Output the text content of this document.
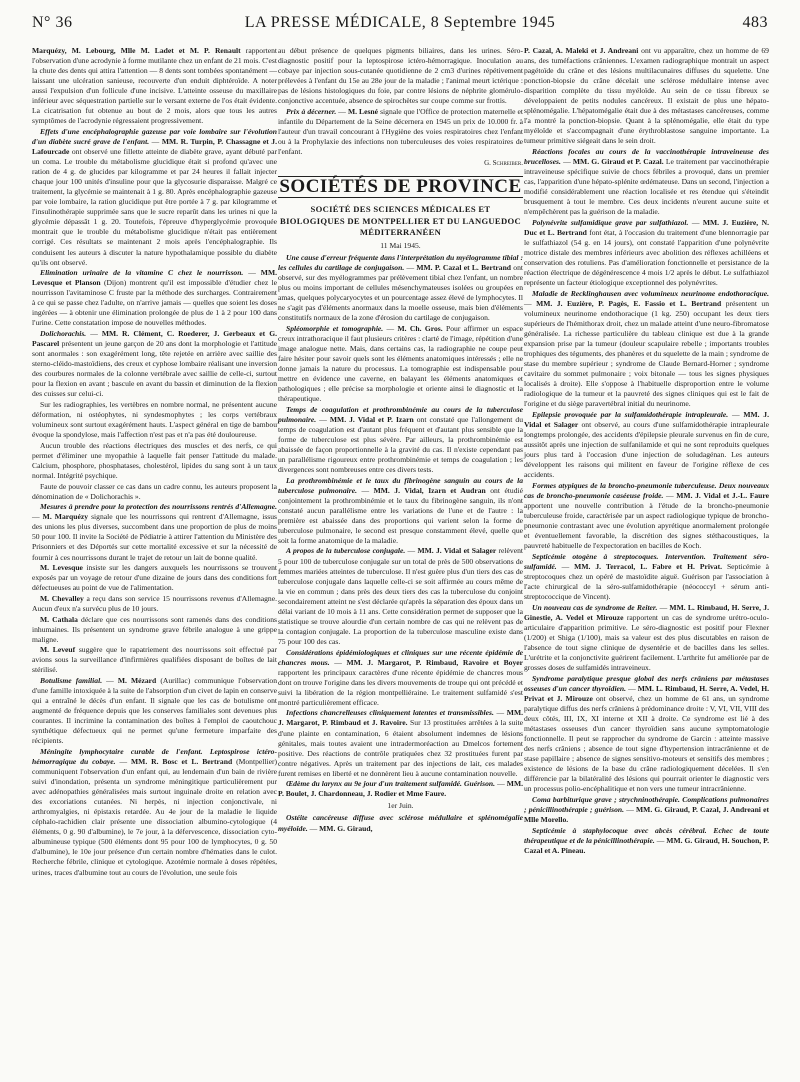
N° 36	LA PRESSE MÉDICALE, 8 Septembre 1945	483

Marquézy, M. Lebourg, Mlle M. Ladet et M. P. Renault rapportent l'observation d'une acrodynie à forme mutilante chez un enfant de 21 mois. C'est la chute des dents qui attira l'attention — 8 dents sont tombées spontanément — laissant une ulcération sanieuse, recouverte d'un enduit diphtéroïde. A noter aussi l'expulsion d'un follicule d'une incisive. L'atteinte osseuse du maxillaire inférieur avec séquestration partielle sur le versant externe de l'os était évidente. La cicatrisation fut obtenue au bout de 2 mois, alors que tous les autres symptômes de l'acrodynie régressaient progressivement.

Effets d'une encéphalographie gazeuse par voie lombaire sur l'évolution d'un diabète sucré grave de l'enfant. — MM. R. Turpin, P. Chassagne et J. Lafourcade ont observé une fillette atteinte de diabète grave, ayant débuté par un coma. Le trouble du métabolisme glucidique était si profond qu'avec une ration de 4 g. de glucides par kilogramme et par 24 heures il fallait injecter chaque jour 100 unités d'insuline pour que la glycosurie disparaisse. Malgré ce traitement, la glycémie se maintenait à 1 g. 80. Après encéphalographie gazeuse par voie lombaire, la ration glucidique put être portée à 7 g. par kilogramme et l'insulinothérapie supprimée sans que le sucre reparût dans les urines ni que la glycémie dépassât 1 g. 20. Toutefois, l'épreuve d'hyperglycémie provoquée montrait que le trouble du métabolisme glucidique n'était pas entièrement corrigé. Ces résultats se maintenant 2 mois après l'encéphalographie. Ils conduisent les auteurs à discuter la nature hypothalamique possible du diabète qu'ils ont observé.

Elimination urinaire de la vitamine C chez le nourrisson. — MM. Levesque et Planson (Dijon) montrent qu'il est impossible d'étudier chez le nourrisson l'avitaminose C fruste par la méthode des surcharges. Contrairement à ce qui se passe chez l'adulte, on n'arrive jamais — quelles que soient les doses ingérées — à obtenir une élimination prolongée de plus de 1 à 2 pour 100 dans l'urine. Cette constatation impose de nouvelles méthodes.

Dolichorachis. — MM. R. Clément, C. Roederer, J. Gerbeaux et G. Pascarel présentent un jeune garçon de 20 ans dont la morphologie et l'attitude sont anormales : son exagérément long, tête rejetée en arrière avec saillie des sterno-cléido-mastoïdiens, des creux et cyphose lombaire réalisant une inversion des courbures normales de la colonne vertébrale avec saillie de celle-ci, surtout pour la flexion en avant ; bascule en avant du bassin et diminution de la flexion des cuisses sur celui-ci.

Sur les radiographies, les vertèbres en nombre normal, ne présentent aucune déformation, ni ostéophytes, ni syndesmophytes ; les corps vertébraux volumineux sont surtout exagérément hauts. L'aspect général en tige de bambou évoque la spondylose, mais l'affection n'est pas et n'a pas été douloureuse.

Aucun trouble des réactions électriques des muscles et des nerfs, ce qui permet d'éliminer une myopathie à laquelle fait penser l'attitude du malade. Calcium, phosphore, phosphatases, cholestérol, lipides du sang sont à un taux normal. Intégrité psychique.

Faute de pouvoir classer ce cas dans un cadre connu, les auteurs proposent la dénomination de « Dolichorachis ».

Mesures à prendre pour la protection des nourrissons rentrés d'Allemagne. — M. Marquézy signale que les nourrissons qui rentrent d'Allemagne, issus des unions les plus diverses, succombent dans une proportion de plus de moins 50 pour 100. Il invite la Société de Pédiatrie à attirer l'attention du Ministère des Prisonniers et des Déportés sur cette mortalité excessive et sur la nécessité de fournir à ces nourrissons durant le trajet de retour un lait de bonne qualité.

M. Levesque insiste sur les dangers auxquels les nourrissons se trouvent exposés par un voyage de retour d'une dizaine de jours dans des conditions fort défectueuses au point de vue de l'alimentation.

M. Chevalley a reçu dans son service 15 nourrissons revenus d'Allemagne. Aucun d'eux n'a survécu plus de 10 jours.

M. Cathala déclare que ces nourrissons sont ramenés dans des conditions inhumaines. Ils présentent un syndrome grave fébrile analogue à une grippe maligne.

M. Leveuf suggère que le rapatriement des nourrissons soit effectué par avions sous la surveillance d'infirmières qualifiées disposant de boîtes de lait stérilisé.

Botulisme familial. — M. Mézard (Aurillac) communique l'observation d'une famille intoxiquée à la suite de l'absorption d'un civet de lapin en conserve qui a entraîné le décès d'un enfant. Il signale que les cas de botulisme ont augmenté de fréquence depuis que les conserves familiales sont devenues plus courantes. Il incrimine la contamination des boîtes à l'emploi de caoutchouc synthétique défectueux qui ne permet qu'une fermeture imparfaite des récipients.

Méningite lymphocytaire curable de l'enfant. Leptospirose ictéro-hémorragique du cobaye. — MM. R. Bosc et L. Bertrand (Montpellier) communiquent l'observation d'un enfant qui, au lendemain d'un bain de rivière suivi d'inondation, présenta un syndrome méningitique particulièrement pur avec adénopathies généralisées mais surtout inguinale droite en relation avec des excoriations cutanées. Ni herpès, ni injection conjonctivale, ni arthromyalgies, ni épistaxis retardée. Au 4e jour de la maladie le liquide céphalo-rachidien clair présente une dissociation albumino-cytologique (4 éléments, 0 g. 90 d'albumine), le 7e jour, à la défervescence, dissociation cyto-albumineuse typique (500 éléments dont 95 pour 100 de lymphocytes, 0 g. 50 d'albumine), le 10e jour présence d'un certain nombre d'hématies dans le culot. Recherche fébrile, clinique et cytologique. Azotémie normale à doses répétées, urines, traces d'albumine tout au cours de l'évolution, une seule fois

au début présence de quelques pigments biliaires, dans les urines. Séro-diagnostic positif pour la leptospirose ictéro-hémorragique. Inoculation au cobaye par injection sous-cutanée quotidienne de 2 cm3 d'urines répétivement prélevées à l'enfant du 15e au 28e jour de la maladie ; l'animal meurt ictérique : pas de lésions histologiques du foie, par contre lésions de néphrite glomérulo-conjonctive accentuée, absence de spirochètes sur coupe comme sur frottis.

Prix à décerner. — M. Lesné signale que l'Office de protection maternelle et infantile du Département de la Seine décernera en 1945 un prix de 10.000 fr. à l'auteur d'un travail concourant à l'Hygiène des voies respiratoires chez l'enfant ou à la Prophylaxie des infections non tuberculeuses des voies respiratoires de l'enfant.

G. Schreiber.
SOCIÉTÉS DE PROVINCE
SOCIÉTÉ DES SCIENCES MÉDICALES ET BIOLOGIQUES DE MONTPELLIER ET DU LANGUEDOC MÉDITERRANÉEN
11 Mai 1945.

Une cause d'erreur fréquente dans l'interprétation du myélogramme tibial : les cellules du cartilage de conjugaison. — MM. P. Cazal et L. Bertrand ont observé, sur des myélogrammes par prélèvement tibial chez l'enfant, un nombre plus ou moins important de cellules mésenchymateuses isolées ou groupées en amas, quelques polycaryocytes et un pourcentage assez élevé de lymphocytes. Il ne s'agit pas d'éléments anormaux dans la moelle osseuse, mais bien d'éléments constitutifs normaux de la zone d'érosion du cartilage de conjugaison.

Spléomorphie et tomographie. — M. Ch. Gros. Pour affirmer un espace creux intrathoracique il faut plusieurs critères : clarté de l'image, répétition d'une image analogue nette. Mais, dans certains cas, la radiographie ne coupe peut faire hésiter pour savoir quels sont les éléments anatomiques intéressés ; elle ne donne jamais la nature du processus. La tomographie est indispensable pour mettre en évidence une caverne, en balayant les éléments anatomiques et pathologiques ; elle précise sa morphologie et oriente ainsi le diagnostic et la thérapeutique.

Temps de coagulation et prothrombinémie au cours de la tuberculose pulmonaire. — MM. J. Vidal et P. Izarn ont constaté que l'allongement du temps de coagulation est d'autant plus fréquent et d'autant plus sensible que la forme de tuberculose est plus sévère. Par ailleurs, la prothrombinémie est abaissée de façon proportionnelle à la gravité du cas. Il n'existe cependant pas un parallélisme rigoureux entre prothrombinémie et temps de coagulation ; les divergences sont nombreuses entre ces divers tests.

La prothrombinémie et le taux du fibrinogène sanguin au cours de la tuberculose pulmonaire. — MM. J. Vidal, Izarn et Audran ont étudié conjointement la prothrombinémie et le taux du fibrinogène sanguin, ils n'ont constaté aucun parallélisme entre les variations de l'une et de l'autre : la première est abaissée dans des proportions qui varient selon la forme de tuberculose pulmonaire, le second est presque constamment élevé, quelle que soit la forme anatomique de la maladie.

A propos de la tuberculose conjugale. — MM. J. Vidal et Salager relèvent 5 pour 100 de tuberculose conjugale sur un total de près de 500 observations de femmes mariées atteintes de tuberculose. Il n'est guère plus d'un tiers des cas de tuberculose conjugale dans laquelle celle-ci se soit affirmée au cours même de la vie en commun ; dans près des deux tiers des cas la tuberculose du conjoint secondairement atteint ne s'est déclarée qu'après la séparation des époux dans un délai variant de 10 mois à 11 ans. Cette considération permet de supposer que la statistique se trouve alourdie d'un certain nombre de cas qui ne relèvent pas de la contagion conjugale. La proportion de la tuberculose masculine existe dans 75 pour 100 des cas.

Considérations épidémiologiques et cliniques sur une récente épidémie de chancres mous. — MM. J. Margarot, P. Rimbaud, Ravoire et Boyer rapportent les principaux caractères d'une récente épidémie de chancres mous dont on trouve l'origine dans les divers mouvements de troupe qui ont précédé et suivi la libération de la région montpelliéraine. Le traitement sulfamidé s'est montré particulièrement efficace.

Infections chancrelleuses cliniquement latentes et transmissibles. — MM. J. Margarot, P. Rimbaud et J. Ravoire. Sur 13 prostituées arrêtées à la suite d'une plainte en contamination, 6 étaient absolument indemnes de lésions génitales, mais toutes avaient une intradermoréaction au Dmelcos fortement positive. Des réactions de contrôle pratiquées chez 32 prostituées furent par contre négatives. Après un traitement par des injections de lait, ces malades furent remises en liberté et ne donnèrent lieu à aucune contamination nouvelle.

Œdème du larynx au 9e jour d'un traitement sulfamidé. Guérison. — MM. P. Boulet, J. Chardonneau, J. Rodier et Mme Faure.

1er Juin.

Ostéite cancéreuse diffuse avec sclérose médullaire et splénomégalie myéloïde. — MM. G. Giraud,

P. Cazal, A. Maleki et J. Andreani ont vu apparaître, chez un homme de 69 ans, des tuméfactions crâniennes. L'examen radiographique montrait un aspect pagétoïde du crâne et des lésions multilacunaires diffuses du squelette. Une ponction-biopsie du crâne décelait une sclérose médullaire intense avec disparition complète du tissu myéloïde. Au sein de ce tissu fibreux se développaient de petits nodules cancéreux. Il existait de plus une hépato-splénomégalie. L'hépatomégalie était due à des métastases cancéreuses, comme l'a montré la ponction-biopsie. Quant à la splénomégalie, elle était du type myéloïde et s'accompagnait d'une érythroblastose sanguine importante. La tumeur primitive siégeait dans le sein droit.

Réactions focales au cours de la vaccinothérapie intraveineuse des brucelloses. — MM. G. Giraud et P. Cazal. Le traitement par vaccinothérapie intraveineuse spécifique suivie de chocs fébriles a provoqué, dans un premier cas, l'apparition d'une hépato-splénite œdémateuse. Dans un second, l'injection a modifié considérablement une réaction localisée et res étendue qui s'éteindit brusquement à tout le membre. Ces deux incidents n'eurent aucune suite et n'empêchèrent pas la guérison de la maladie.

Polynévrite sulfamidique grave par sulfathiazol. — MM. J. Euzière, N. Duc et L. Bertrand font état, à l'occasion du traitement d'une blennorragie par le sulfathiazol (54 g. en 14 jours), ont constaté l'apparition d'une polynévrite motrice distale des membres inférieurs avec abolition des réflexes achilléens et conservation des rotuliens. Pas d'amélioration fonctionnelle et persistance de la réaction électrique de dégénérescence 4 mois 1/2 après le début. Le sulfathiazol représente un facteur étiologique exceptionnel des polynévrites.

Maladie de Recklinghausen avec volumineux neurinome endothoracique. — MM. J. Euzière, P. Pagès, E. Fassio et L. Bertrand présentent un volumineux neurinome endothoracique (1 kg. 250) occupant les deux tiers supérieurs de l'hémithorax droit, chez un malade atteint d'une neuro-fibromatose généralisée. La richesse particulière du tableau clinique est due à la grande expansion prise par la tumeur (douleur scapulaire rebelle ; importants troubles trophiques des téguments, des phanères et du squelette de la main ; syndrome de stase du membre supérieur ; syndrome de Claude Bernard-Horner ; syndrome cavitaire du sommet pulmonaire ; voix bitonale — tous les signes physiques localisés à droite). Elle s'oppose à l'habituelle disproportion entre le volume radiologique de la tumeur et la pauvreté des signes cliniques qui est le fait de l'origine et du siège paravertébral initial du neurinome.

Epilepsie provoquée par la sulfamidothérapie intrapleurale. — MM. J. Vidal et Salager ont observé, au cours d'une sulfamidothérapie intrapleurale longtemps prolongée, des accidents d'épilepsie pleurale survenus en fin de cure, aussitôt après une injection de sulfanilamide et qui ne sont reproduits quelques jours plus tard à l'occasion d'une injection de soludagénan. Les auteurs développent les raisons qui militent en faveur de l'origine réflexe de ces accidents.

Formes atypiques de la broncho-pneumonie tuberculeuse. Deux nouveaux cas de broncho-pneumonie caséeuse froide. — MM. J. Vidal et J.-L. Faure apportent une nouvelle contribution à l'étude de la broncho-pneumonie tuberculeuse froide, caractérisée par un aspect radiologique typique de broncho-pneumonie contrastant avec une évolution apyrétique anormalement prolongée et éventuellement favorable, la discrétion des signes stéthacoustiques, la pauvreté habituelle de l'expectoration en bacilles de Koch.

Septicémie otogène à streptocoques. Intervention. Traitement séro-sulfamidé. — MM. J. Terracol, L. Fabre et H. Privat. Septicémie à streptocoques chez un opéré de mastoïdite aiguë. Guérison par l'association à l'acte chirurgical de la séro-sulfamidothérapie (néococcyl + sérum anti-streptococcique de Vincent).

Un nouveau cas de syndrome de Reiter. — MM. L. Rimbaud, H. Serre, J. Ginestie, A. Vedel et Mirouze rapportent un cas de syndrome urétro-oculo-articulaire d'apparition primitive. Le séro-diagnostic est positif pour Flexner (1/200) et Shiga (1/100), mais sa valeur est des plus discutables en raison de l'absence de tout signe clinique de dysentérie et de bacilles dans les selles. L'urétrite et la conjonctivite guérirent facilement. L'arthrite fut améliorée par de grosses doses de sulfamidés intraveineux.

Syndrome paralytique presque global des nerfs crâniens par métastases osseuses d'un cancer thyroïdien. — MM. L. Rimbaud, H. Serre, A. Vedel, H. Privat et J. Mirouze ont observé, chez un homme de 61 ans, un syndrome paralytique diffus des nerfs crâniens à prédominance droite : V, VI, VII, VIII des deux côtés, III, IX, XI interne et XII à droite. Ce syndrome est lié à des métastases osseuses d'un cancer thyroïdien sans aucune symptomatologie fonctionnelle. Il peut se rapprocher du syndrome de Garcin : atteinte massive des nerfs crâniens ; absence de tout signe d'hypertension intracrânienne et de stase papillaire ; absence de signes sensitivo-moteurs et sensitifs des membres ; existence de lésions de la base du crâne radiologiquement décelées. Il s'en différencie par la bilatéralité des lésions qui pourrait orienter le diagnostic vers un processus polio-encéphalitique et non vers une tumeur intracrânienne.

Coma barbiturique grave ; strychninothérapie. Complications pulmonaires ; pénicillinothérapie ; guérison. — MM. G. Giraud, P. Cazal, J. Andreani et Mlle Morello.

Septicémie à staphylocoque avec abcès cérébral. Echec de toute thérapeutique et de la pénicillinothérapie. — MM. G. Giraud, H. Souchon, P. Cazal et A. Pineau.
